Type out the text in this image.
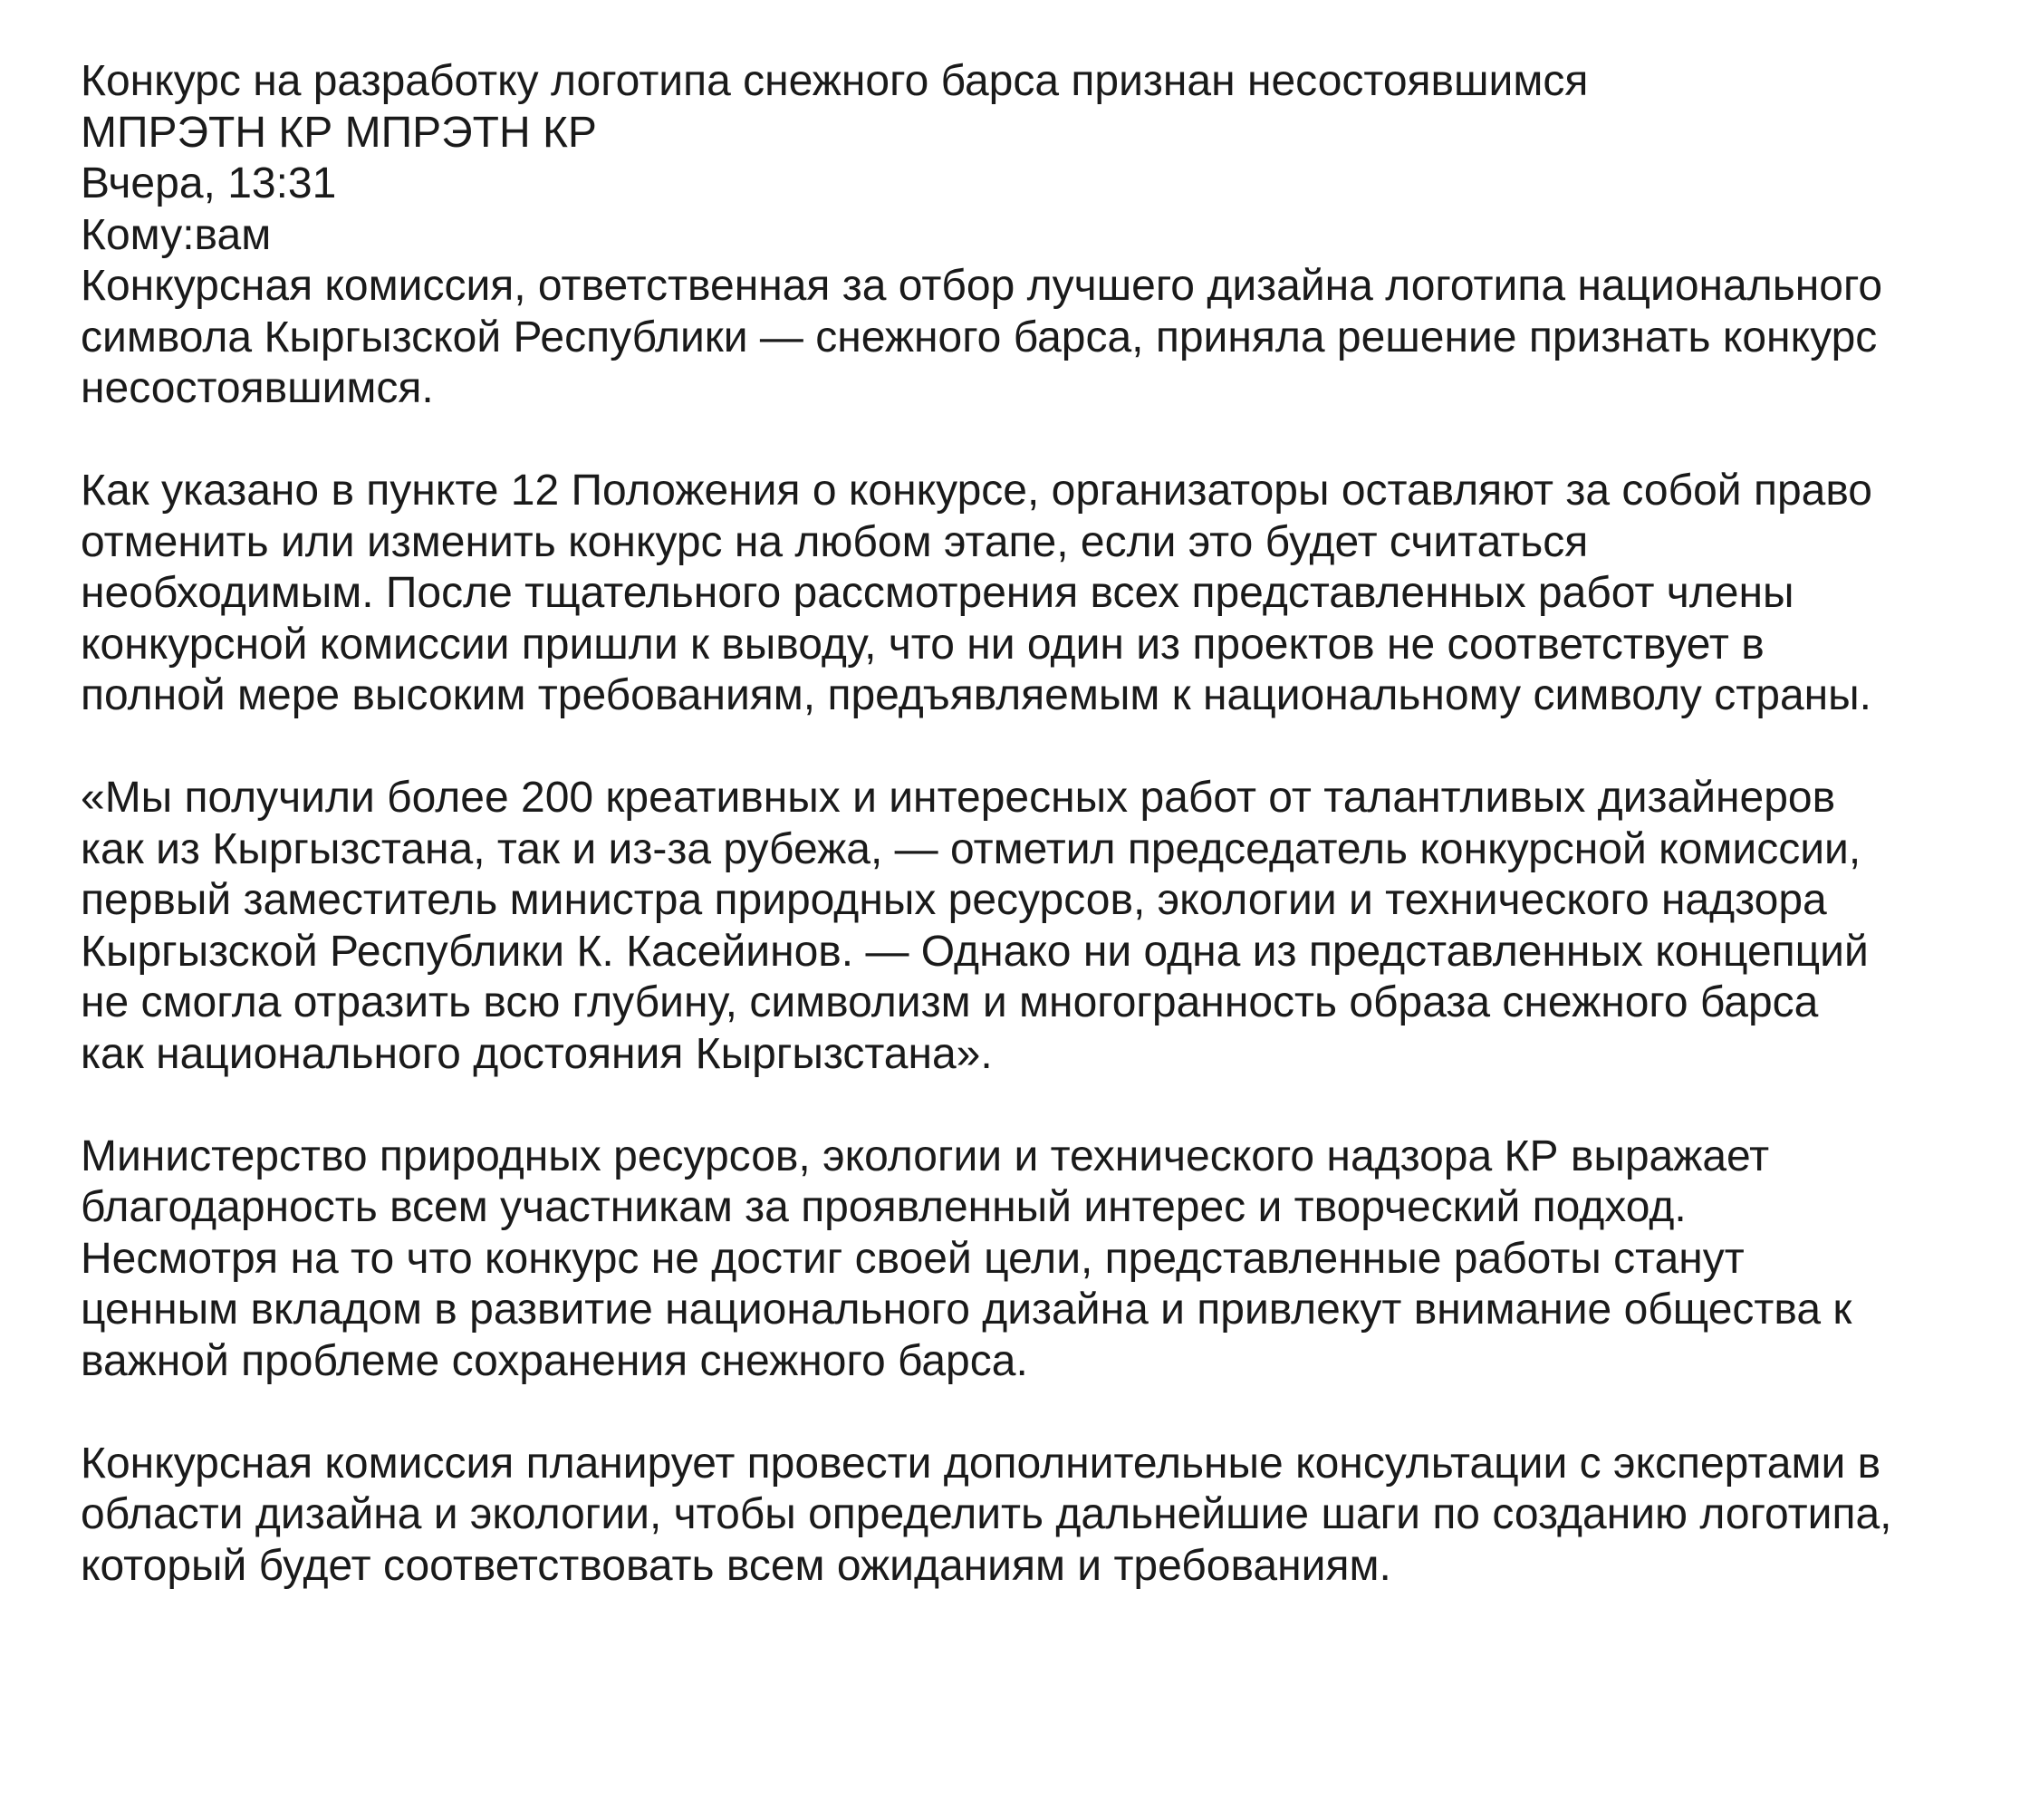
Конкурс на разработку логотипа снежного барса признан несостоявшимся
МПРЭТН КР МПРЭТН КР
Вчера, 13:31
Кому:вам

Конкурсная комиссия, ответственная за отбор лучшего дизайна логотипа национального
символа Кыргызской Республики — снежного барса, приняла решение признать конкурс
несостоявшимся.

Как указано в пункте 12 Положения о конкурсе, организаторы оставляют за собой право
отменить или изменить конкурс на любом этапе, если это будет считаться
необходимым. После тщательного рассмотрения всех представленных работ члены
конкурсной комиссии пришли к выводу, что ни один из проектов не соответствует в
полной мере высоким требованиям, предъявляемым к национальному символу страны.

«Мы получили более 200 креативных и интересных работ от талантливых дизайнеров
как из Кыргызстана, так и из-за рубежа, — отметил председатель конкурсной комиссии,
первый заместитель министра природных ресурсов, экологии и технического надзора
Кыргызской Республики К. Касейинов. — Однако ни одна из представленных концепций
не смогла отразить всю глубину, символизм и многогранность образа снежного барса
как национального достояния Кыргызстана».

Министерство природных ресурсов, экологии и технического надзора КР выражает
благодарность всем участникам за проявленный интерес и творческий подход.
Несмотря на то что конкурс не достиг своей цели, представленные работы станут
ценным вкладом в развитие национального дизайна и привлекут внимание общества к
важной проблеме сохранения снежного барса.

Конкурсная комиссия планирует провести дополнительные консультации с экспертами в
области дизайна и экологии, чтобы определить дальнейшие шаги по созданию логотипа,
который будет соответствовать всем ожиданиям и требованиям.
